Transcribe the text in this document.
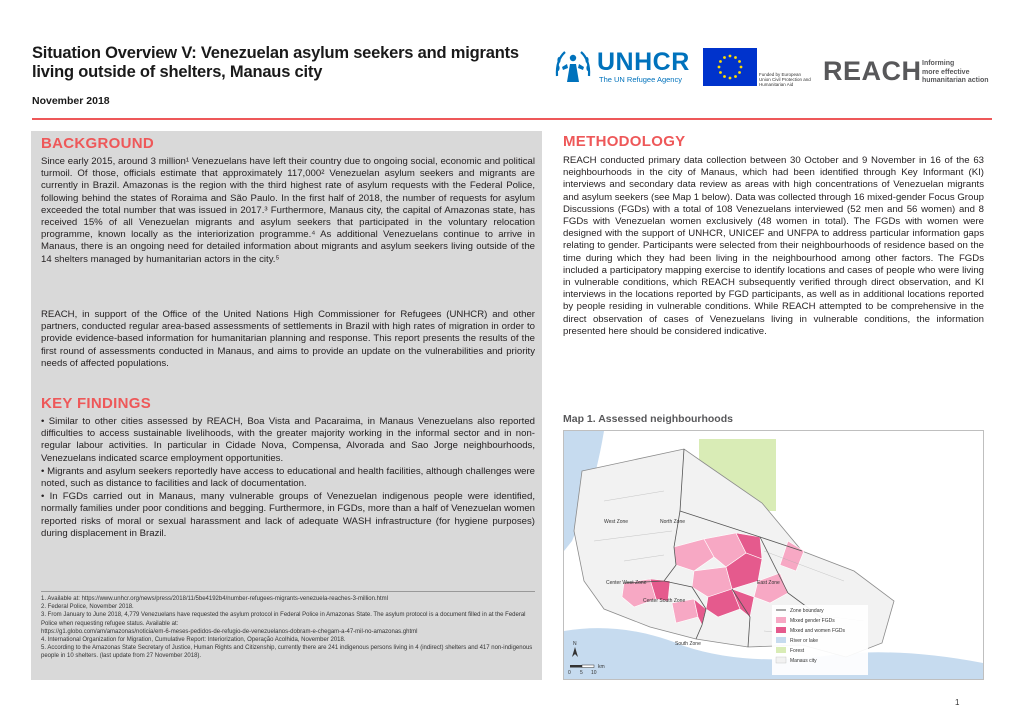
Situation Overview V: Venezuelan asylum seekers and migrants
living outside of shelters, Manaus city
November 2018
UNHCR
The UN Refugee Agency
Funded by European Union Civil Protection and Humanitarian Aid	REACH Informing
more effective
humanitarian action
BACKGROUND

Since early 2015, around 3 million¹ Venezuelans have left their country due to ongoing social, economic and political turmoil. Of those, officials estimate that approximately 117,000² Venezuelan asylum seekers and migrants are currently in Brazil. Amazonas is the region with the third highest rate of asylum requests with the Federal Police, following behind the states of Roraima and São Paulo. In the first half of 2018, the number of requests for asylum exceeded the total number that was issued in 2017.³ Furthermore, Manaus city, the capital of Amazonas state, has received 15% of all Venezuelan migrants and asylum seekers that participated in the voluntary relocation programme, known locally as the interiorization programme.⁴ As additional Venezuelans continue to arrive in Manaus, there is an ongoing need for detailed information about migrants and asylum seekers living outside of the 14 shelters managed by humanitarian actors in the city.⁵

REACH, in support of the Office of the United Nations High Commissioner for Refugees (UNHCR) and other partners, conducted regular area-based assessments of settlements in Brazil with high rates of migration in order to provide evidence-based information for humanitarian planning and response. This report presents the results of the first round of assessments conducted in Manaus, and aims to provide an update on the vulnerabilities and priority needs of affected populations.

KEY FINDINGS
• Similar to other cities assessed by REACH, Boa Vista and Pacaraima, in Manaus Venezuelans also reported difficulties to access sustainable livelihoods, with the greater majority working in the informal sector and in non-regular labour activities. In particular in Cidade Nova, Compensa, Alvorada and Sao Jorge neighbourhoods, Venezuelans indicated scarce employment opportunities.
• Migrants and asylum seekers reportedly have access to educational and health facilities, although challenges were noted, such as distance to facilities and lack of documentation.
• In FGDs carried out in Manaus, many vulnerable groups of Venezuelan indigenous people were identified, normally families under poor conditions and begging. Furthermore, in FGDs, more than a half of Venezuelan women reported risks of moral or sexual harassment and lack of adequate WASH infrastructure (for hygiene purposes) during displacement in Brazil.
1. Available at: https://www.unhcr.org/news/press/2018/11/5be4192b4/number-refugees-migrants-venezuela-reaches-3-million.html
2. Federal Police, November 2018.
3. From January to June 2018, 4,779 Venezuelans have requested the asylum protocol in Federal Police in Amazonas State. The asylum protocol is a document filled in at the Federal Police when requesting refugee status. Available at:
https://g1.globo.com/am/amazonas/noticia/em-6-meses-pedidos-de-refugio-de-venezuelanos-dobram-e-chegam-a-47-mil-no-amazonas.ghtml
4. International Organization for Migration, Cumulative Report: Interiorization, Operação Acolhida, November 2018.
5. According to the Amazonas State Secretary of Justice, Human Rights and Citizenship, currently there are 241 indigenous persons living in 4 (indirect) shelters and 417 non-indigenous people in 10 shelters. (last update from 27 November 2018).
METHODOLOGY

REACH conducted primary data collection between 30 October and 9 November in 16 of the 63 neighbourhoods in the city of Manaus, which had been identified through Key Informant (KI) interviews and secondary data review as areas with high concentrations of Venezuelan migrants and asylum seekers (see Map 1 below). Data was collected through 16 mixed-gender Focus Group Discussions (FGDs) with a total of 108 Venezuelans interviewed (52 men and 56 women) and 8 FGDs with Venezuelan women exclusively (48 women in total). The FGDs with women were designed with the support of UNHCR, UNICEF and UNFPA to address particular information gaps relating to gender. Participants were selected from their neighbourhoods of residence based on the time during which they had been living in the neighbourhood among other factors. The FGDs included a participatory mapping exercise to identify locations and cases of people who were living in vulnerable conditions, which REACH subsequently verified through direct observation, and KI interviews in the locations reported by FGD participants, as well as in additional locations reported by people residing in vulnerable conditions. While REACH attempted to be comprehensive in the direct observation of cases of Venezuelans living in vulnerable conditions, the information presented here should be considered indicative.

Map 1. Assessed neighbourhoods
West Zone	North Zone
Center West Zone	East Zone
Center South Zone
South Zone
Zone boundary
Mixed gender FGDs
Mixed and women FGDs
River or lake
Forest
Manaus city
N
0 5 10
km
1
